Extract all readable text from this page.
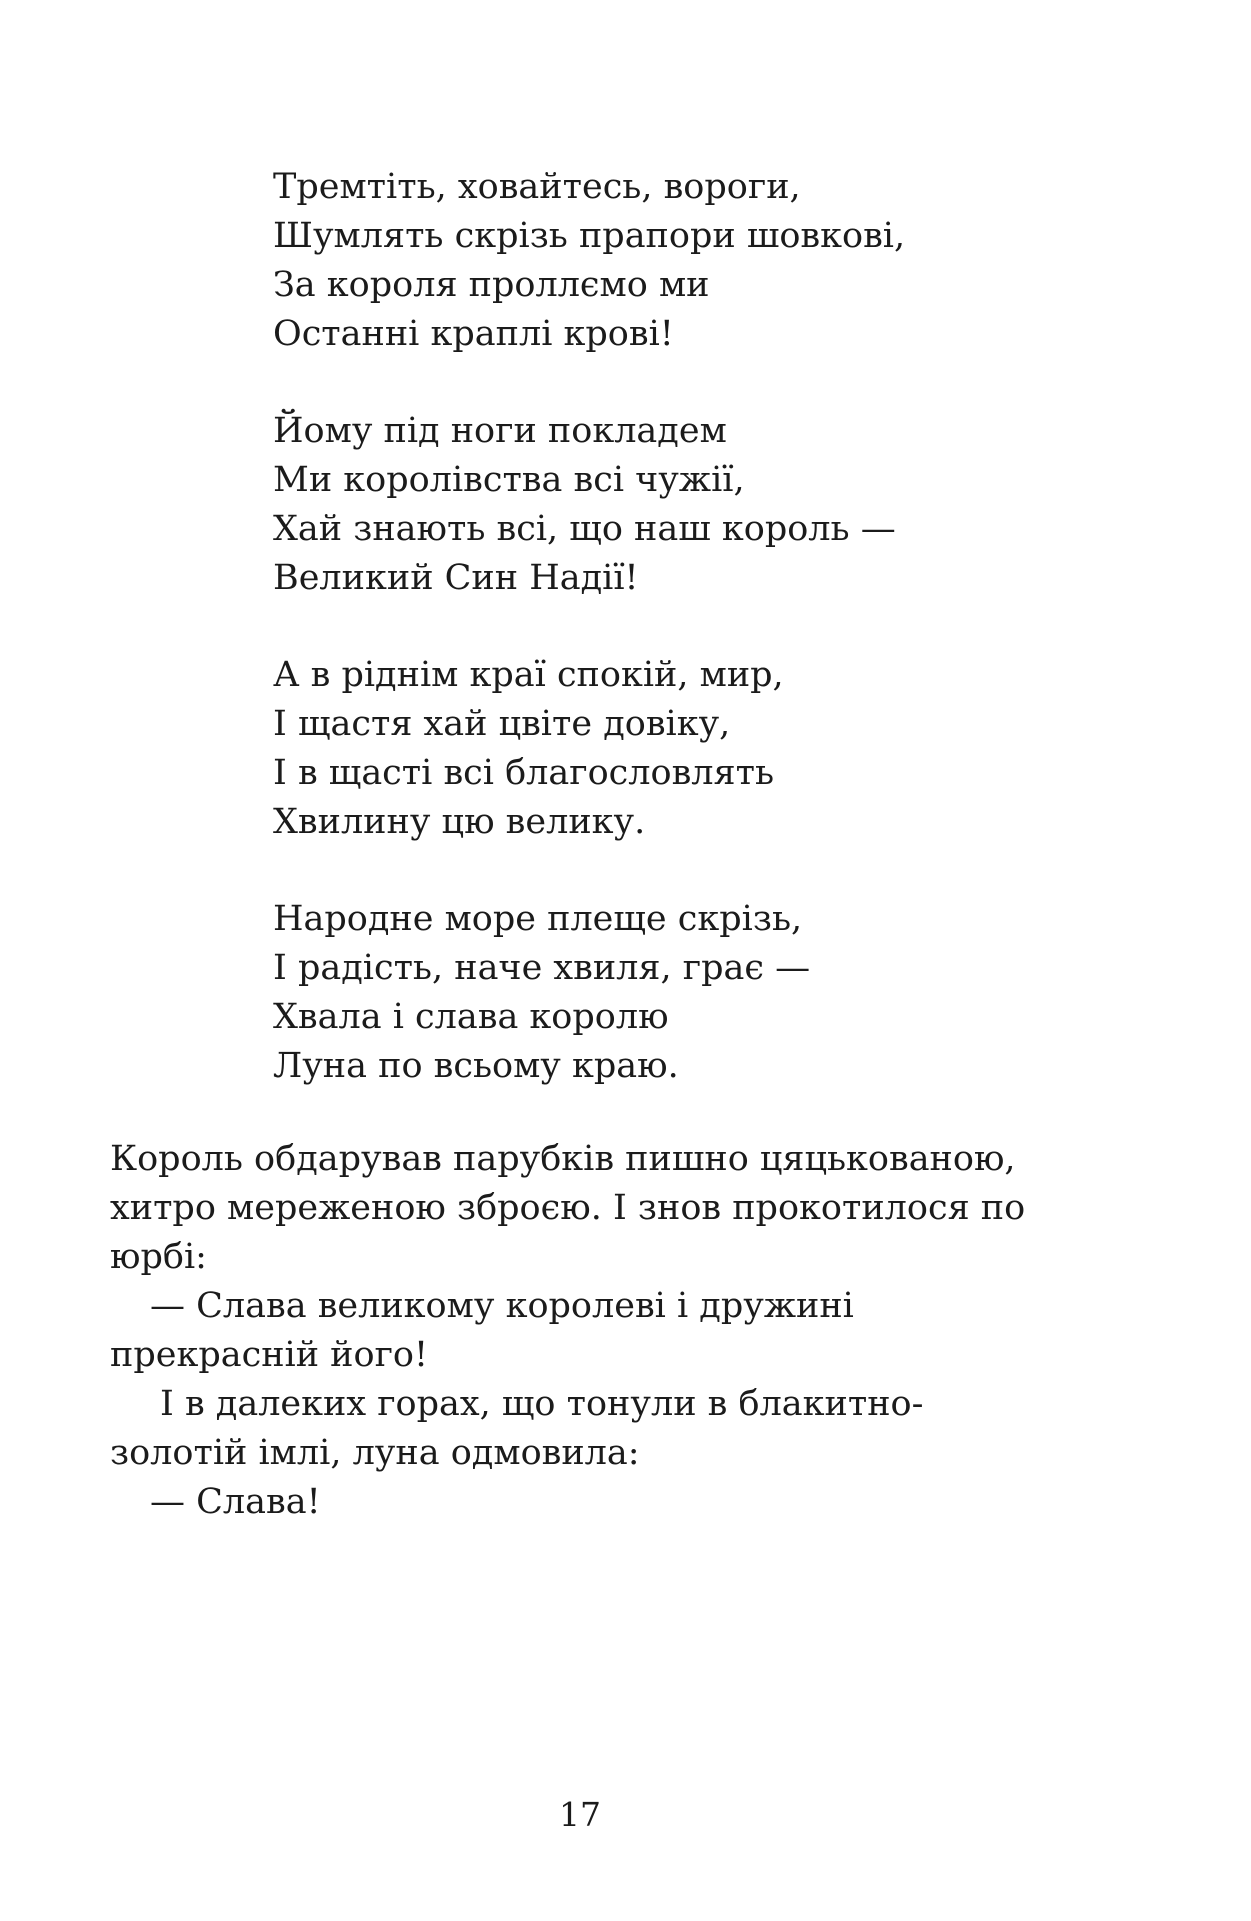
Тремтіть, ховайтесь, вороги,
Шумлять скрізь прапори шовкові,
За короля проллємо ми
Останні краплі крові!
Йому під ноги покладем
Ми королівства всі чужії,
Хай знають всі, що наш король —
Великий Син Надії!
А в ріднім краї спокій, мир,
І щастя хай цвіте довіку,
І в щасті всі благословлять
Хвилину цю велику.
Народне море плеще скрізь,
І радість, наче хвиля, грає —
Хвала і слава королю
Луна по всьому краю.

Король обдарував парубків пишно цяцькованою, хитро мереженою зброєю. І знов прокотилося по юрбі:

— Слава великому королеві і дружині прекрасній його!

І в далеких горах, що тонули в блакитно-золотій імлі, луна одмовила:

— Слава!

17
